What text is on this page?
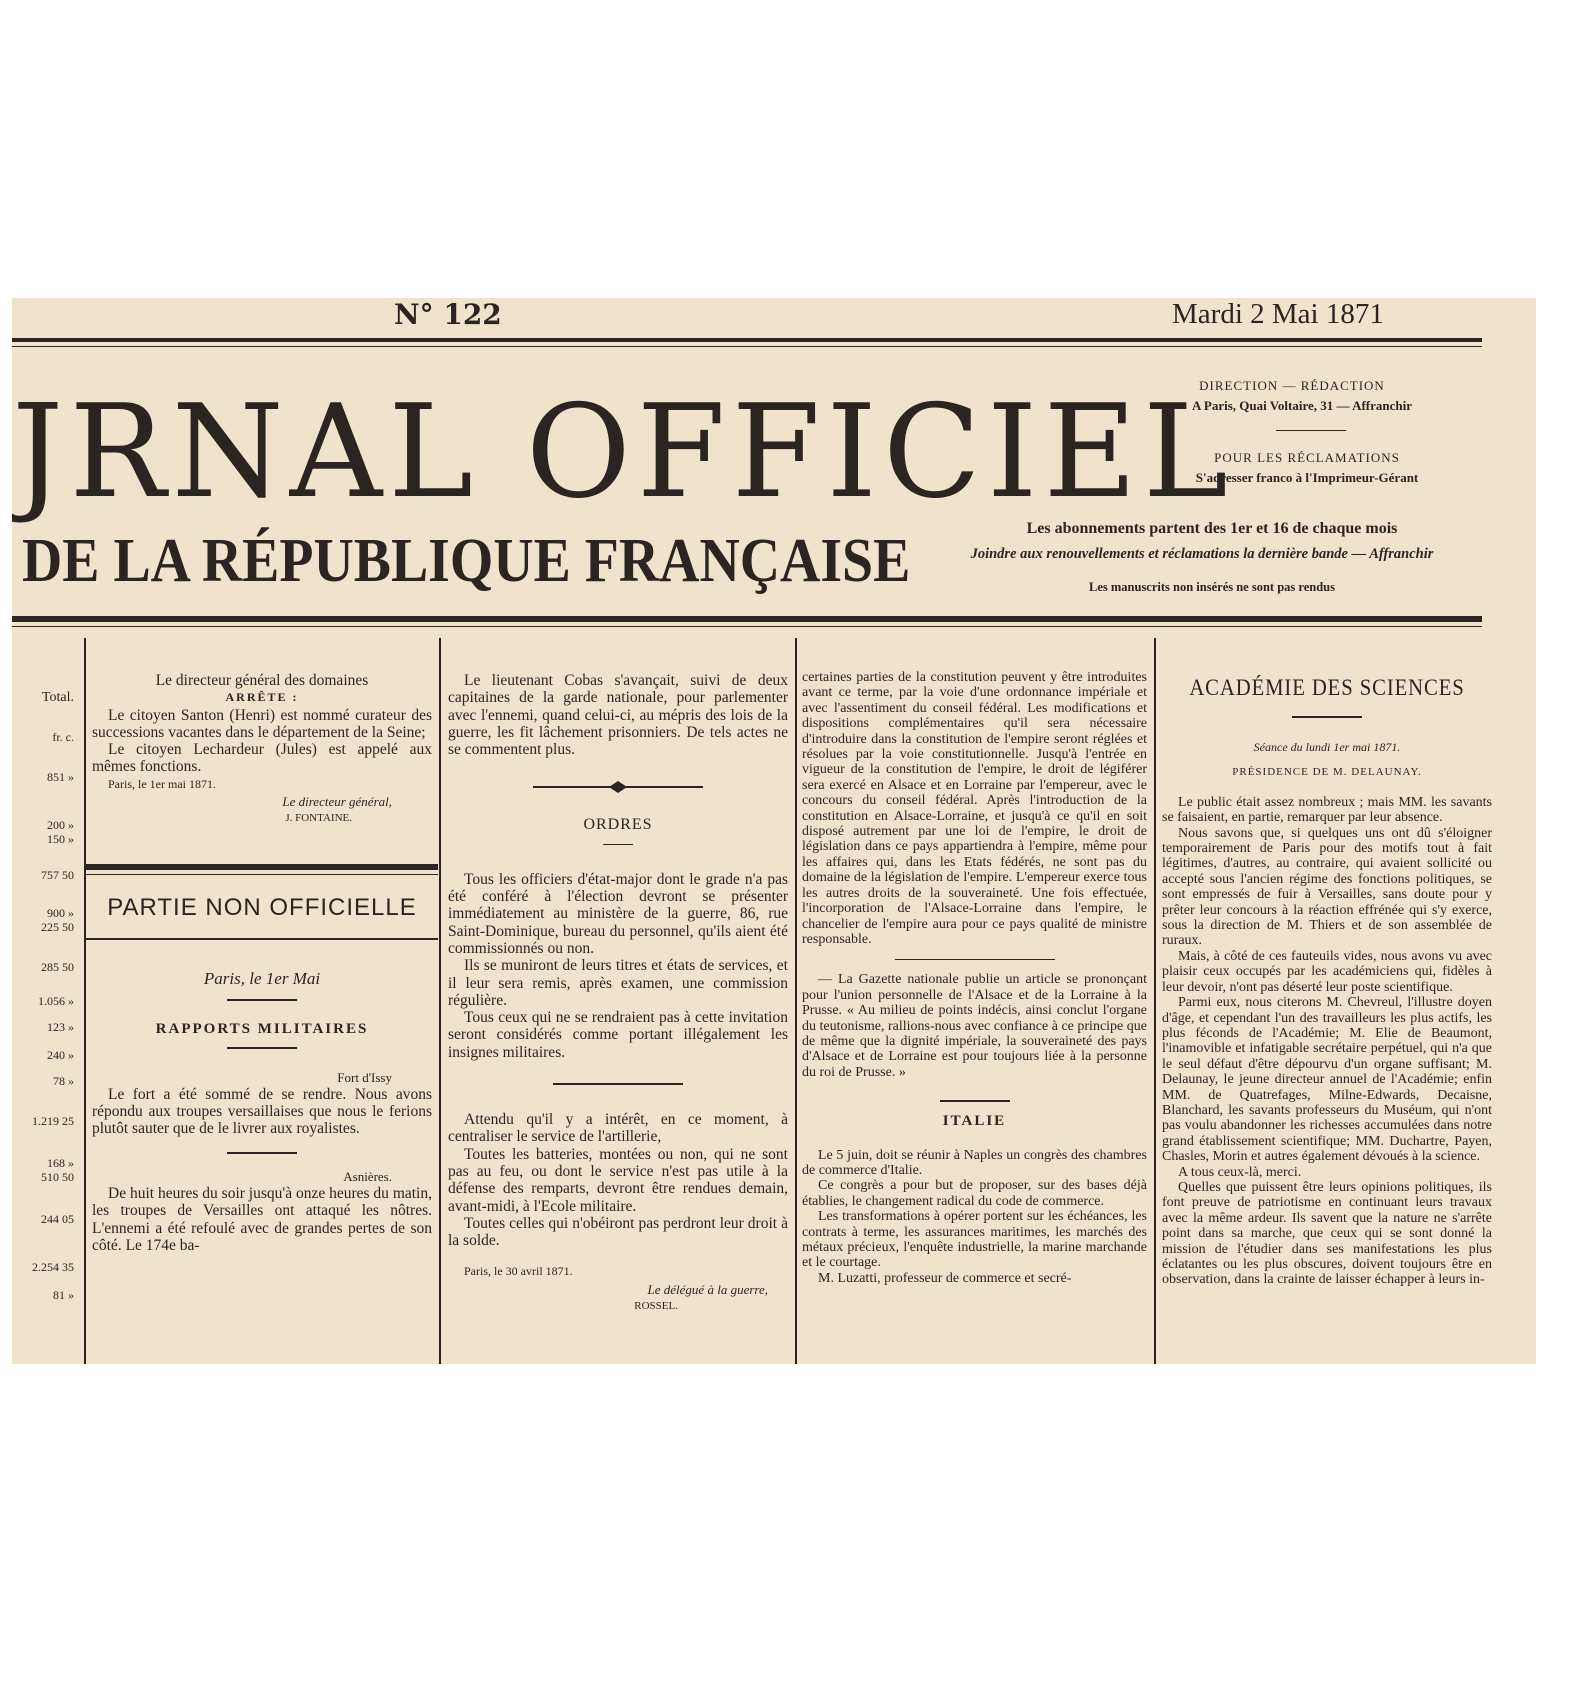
N° 122	Mardi 2 Mai 1871
JRNAL OFFICIEL
DE LA RÉPUBLIQUE FRANÇAISE
DIRECTION — RÉDACTION
A Paris, Quai Voltaire, 31 — Affranchir
POUR LES RÉCLAMATIONS
S'adresser franco à l'Imprimeur-Gérant
Les abonnements partent des 1er et 16 de chaque mois
Joindre aux renouvellements et réclamations la dernière bande — Affranchir
Les manuscrits non insérés ne sont pas rendus
Total.
fr. c.
851 »
200 »
150 »
757 50
900 »
225 50
285 50
1.056 »
123 »
240 »
78 »
1.219 25
168 »
510 50
244 05
2.254 35
81 »

Le directeur général des domaines

ARRÊTE :

Le citoyen Santon (Henri) est nommé curateur des successions vacantes dans le département de la Seine;

Le citoyen Lechardeur (Jules) est appelé aux mêmes fonctions.

Paris, le 1er mai 1871.

Le directeur général,

J. FONTAINE.

PARTIE NON OFFICIELLE

Paris, le 1er Mai

RAPPORTS MILITAIRES

Fort d'Issy

Le fort a été sommé de se rendre. Nous avons répondu aux troupes versaillaises que nous le ferions plutôt sauter que de le livrer aux royalistes.

Asnières.

De huit heures du soir jusqu'à onze heures du matin, les troupes de Versailles ont attaqué les nôtres. L'ennemi a été refoulé avec de grandes pertes de son côté. Le 174e ba-

Le lieutenant Cobas s'avançait, suivi de deux capitaines de la garde nationale, pour parlementer avec l'ennemi, quand celui-ci, au mépris des lois de la guerre, les fit lâchement prisonniers. De tels actes ne se commentent plus.

ORDRES

Tous les officiers d'état-major dont le grade n'a pas été conféré à l'élection devront se présenter immédiatement au ministère de la guerre, 86, rue Saint-Dominique, bureau du personnel, qu'ils aient été commissionnés ou non.

Ils se muniront de leurs titres et états de services, et il leur sera remis, après examen, une commission régulière.

Tous ceux qui ne se rendraient pas à cette invitation seront considérés comme portant illégalement les insignes militaires.

Attendu qu'il y a intérêt, en ce moment, à centraliser le service de l'artillerie,

Toutes les batteries, montées ou non, qui ne sont pas au feu, ou dont le service n'est pas utile à la défense des remparts, devront être rendues demain, avant-midi, à l'Ecole militaire.

Toutes celles qui n'obéiront pas perdront leur droit à la solde.

Paris, le 30 avril 1871.

Le délégué à la guerre,

ROSSEL.

certaines parties de la constitution peuvent y être introduites avant ce terme, par la voie d'une ordonnance impériale et avec l'assentiment du conseil fédéral. Les modifications et dispositions complémentaires qu'il sera nécessaire d'introduire dans la constitution de l'empire seront réglées et résolues par la voie constitutionnelle. Jusqu'à l'entrée en vigueur de la constitution de l'empire, le droit de légiférer sera exercé en Alsace et en Lorraine par l'empereur, avec le concours du conseil fédéral. Après l'introduction de la constitution en Alsace-Lorraine, et jusqu'à ce qu'il en soit disposé autrement par une loi de l'empire, le droit de législation dans ce pays appartiendra à l'empire, même pour les affaires qui, dans les Etats fédérés, ne sont pas du domaine de la législation de l'empire. L'empereur exerce tous les autres droits de la souveraineté. Une fois effectuée, l'incorporation de l'Alsace-Lorraine dans l'empire, le chancelier de l'empire aura pour ce pays qualité de ministre responsable.

— La Gazette nationale publie un article se prononçant pour l'union personnelle de l'Alsace et de la Lorraine à la Prusse. « Au milieu de points indécis, ainsi conclut l'organe du teutonisme, rallions-nous avec confiance à ce principe que de même que la dignité impériale, la souveraineté des pays d'Alsace et de Lorraine est pour toujours liée à la personne du roi de Prusse. »

ITALIE

Le 5 juin, doit se réunir à Naples un congrès des chambres de commerce d'Italie.

Ce congrès a pour but de proposer, sur des bases déjà établies, le changement radical du code de commerce.

Les transformations à opérer portent sur les échéances, les contrats à terme, les assurances maritimes, les marchés des métaux précieux, l'enquête industrielle, la marine marchande et le courtage.

M. Luzatti, professeur de commerce et secré-

ACADÉMIE DES SCIENCES

Séance du lundi 1er mai 1871.

PRÉSIDENCE DE M. DELAUNAY.

Le public était assez nombreux ; mais MM. les savants se faisaient, en partie, remarquer par leur absence.

Nous savons que, si quelques uns ont dû s'éloigner temporairement de Paris pour des motifs tout à fait légitimes, d'autres, au contraire, qui avaient sollicité ou accepté sous l'ancien régime des fonctions politiques, se sont empressés de fuir à Versailles, sans doute pour y prêter leur concours à la réaction effrénée qui s'y exerce, sous la direction de M. Thiers et de son assemblée de ruraux.

Mais, à côté de ces fauteuils vides, nous avons vu avec plaisir ceux occupés par les académiciens qui, fidèles à leur devoir, n'ont pas déserté leur poste scientifique.

Parmi eux, nous citerons M. Chevreul, l'illustre doyen d'âge, et cependant l'un des travailleurs les plus actifs, les plus féconds de l'Académie; M. Elie de Beaumont, l'inamovible et infatigable secrétaire perpétuel, qui n'a que le seul défaut d'être dépourvu d'un organe suffisant; M. Delaunay, le jeune directeur annuel de l'Académie; enfin MM. de Quatrefages, Milne-Edwards, Decaisne, Blanchard, les savants professeurs du Muséum, qui n'ont pas voulu abandonner les richesses accumulées dans notre grand établissement scientifique; MM. Duchartre, Payen, Chasles, Morin et autres également dévoués à la science.

A tous ceux-là, merci.

Quelles que puissent être leurs opinions politiques, ils font preuve de patriotisme en continuant leurs travaux avec la même ardeur. Ils savent que la nature ne s'arrête point dans sa marche, que ceux qui se sont donné la mission de l'étudier dans ses manifestations les plus éclatantes ou les plus obscures, doivent toujours être en observation, dans la crainte de laisser échapper à leurs in-
